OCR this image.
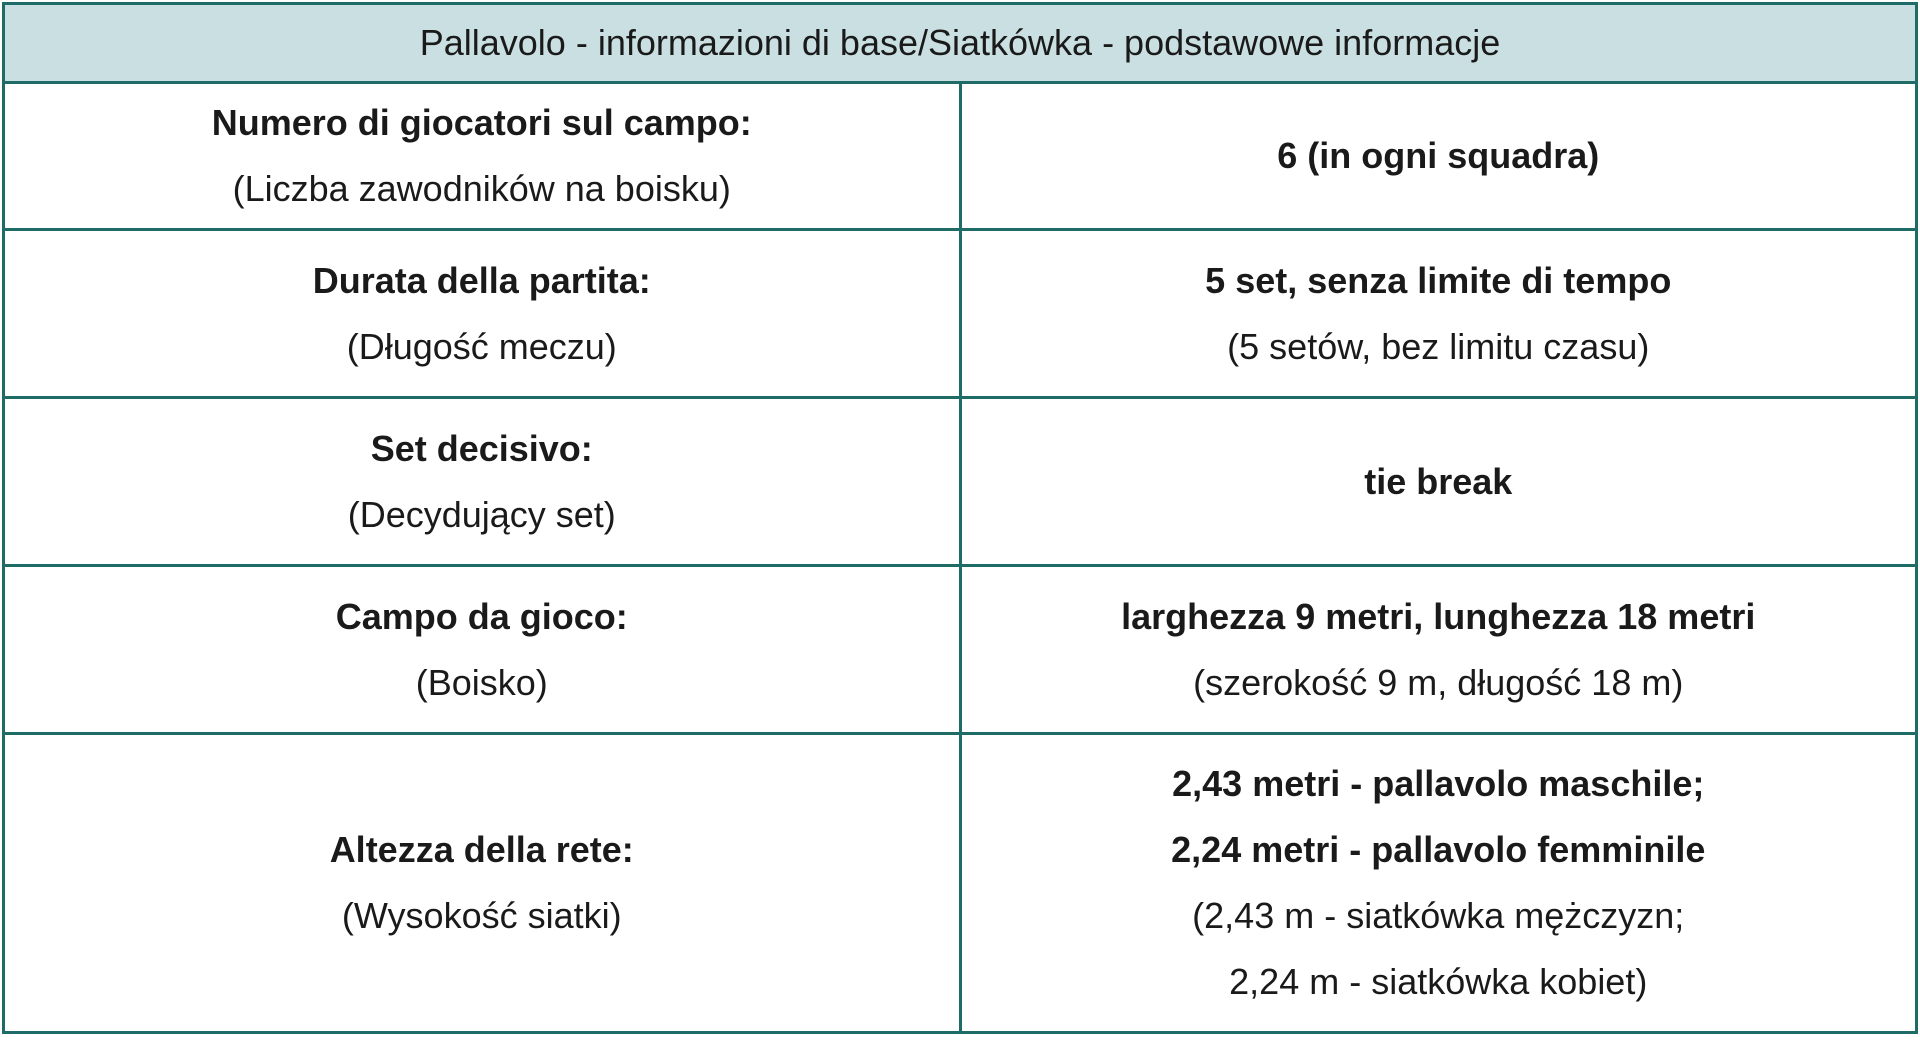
Pallavolo - informazioni di base/Siatkówka - podstawowe informacje	

Numero di giocatori sul campo:
(Liczba zawodników na boisku)	6 (in ogni squadra)

Durata della partita:
(Długość meczu)	5 set, senza limite di tempo
(5 setów, bez limitu czasu)

Set decisivo:
(Decydujący set)	tie break

Campo da gioco:
(Boisko)	larghezza 9 metri, lunghezza 18 metri
(szerokość 9 m, długość 18 m)

Altezza della rete:
(Wysokość siatki)	2,43 metri - pallavolo maschile;
2,24 metri - pallavolo femminile
(2,43 m - siatkówka mężczyzn;
2,24 m - siatkówka kobiet)
